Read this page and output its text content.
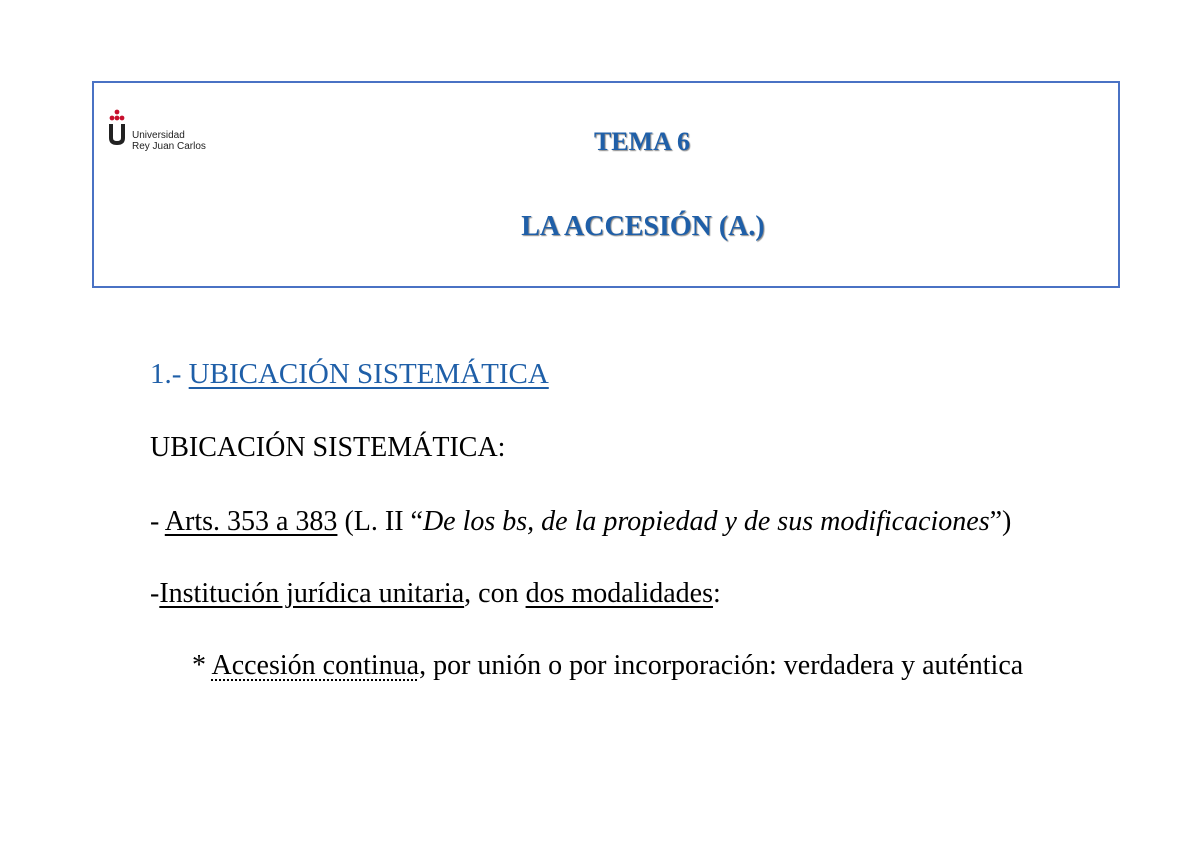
Universidad
Rey Juan Carlos	TEMA 6
LA ACCESIÓN (A.)
1.- UBICACIÓN SISTEMÁTICA
UBICACIÓN SISTEMÁTICA:
- Arts. 353 a 383 (L. II “De los bs, de la propiedad y de sus modificaciones”)
-Institución jurídica unitaria, con dos modalidades:
* Accesión continua, por unión o por incorporación: verdadera y auténtica
